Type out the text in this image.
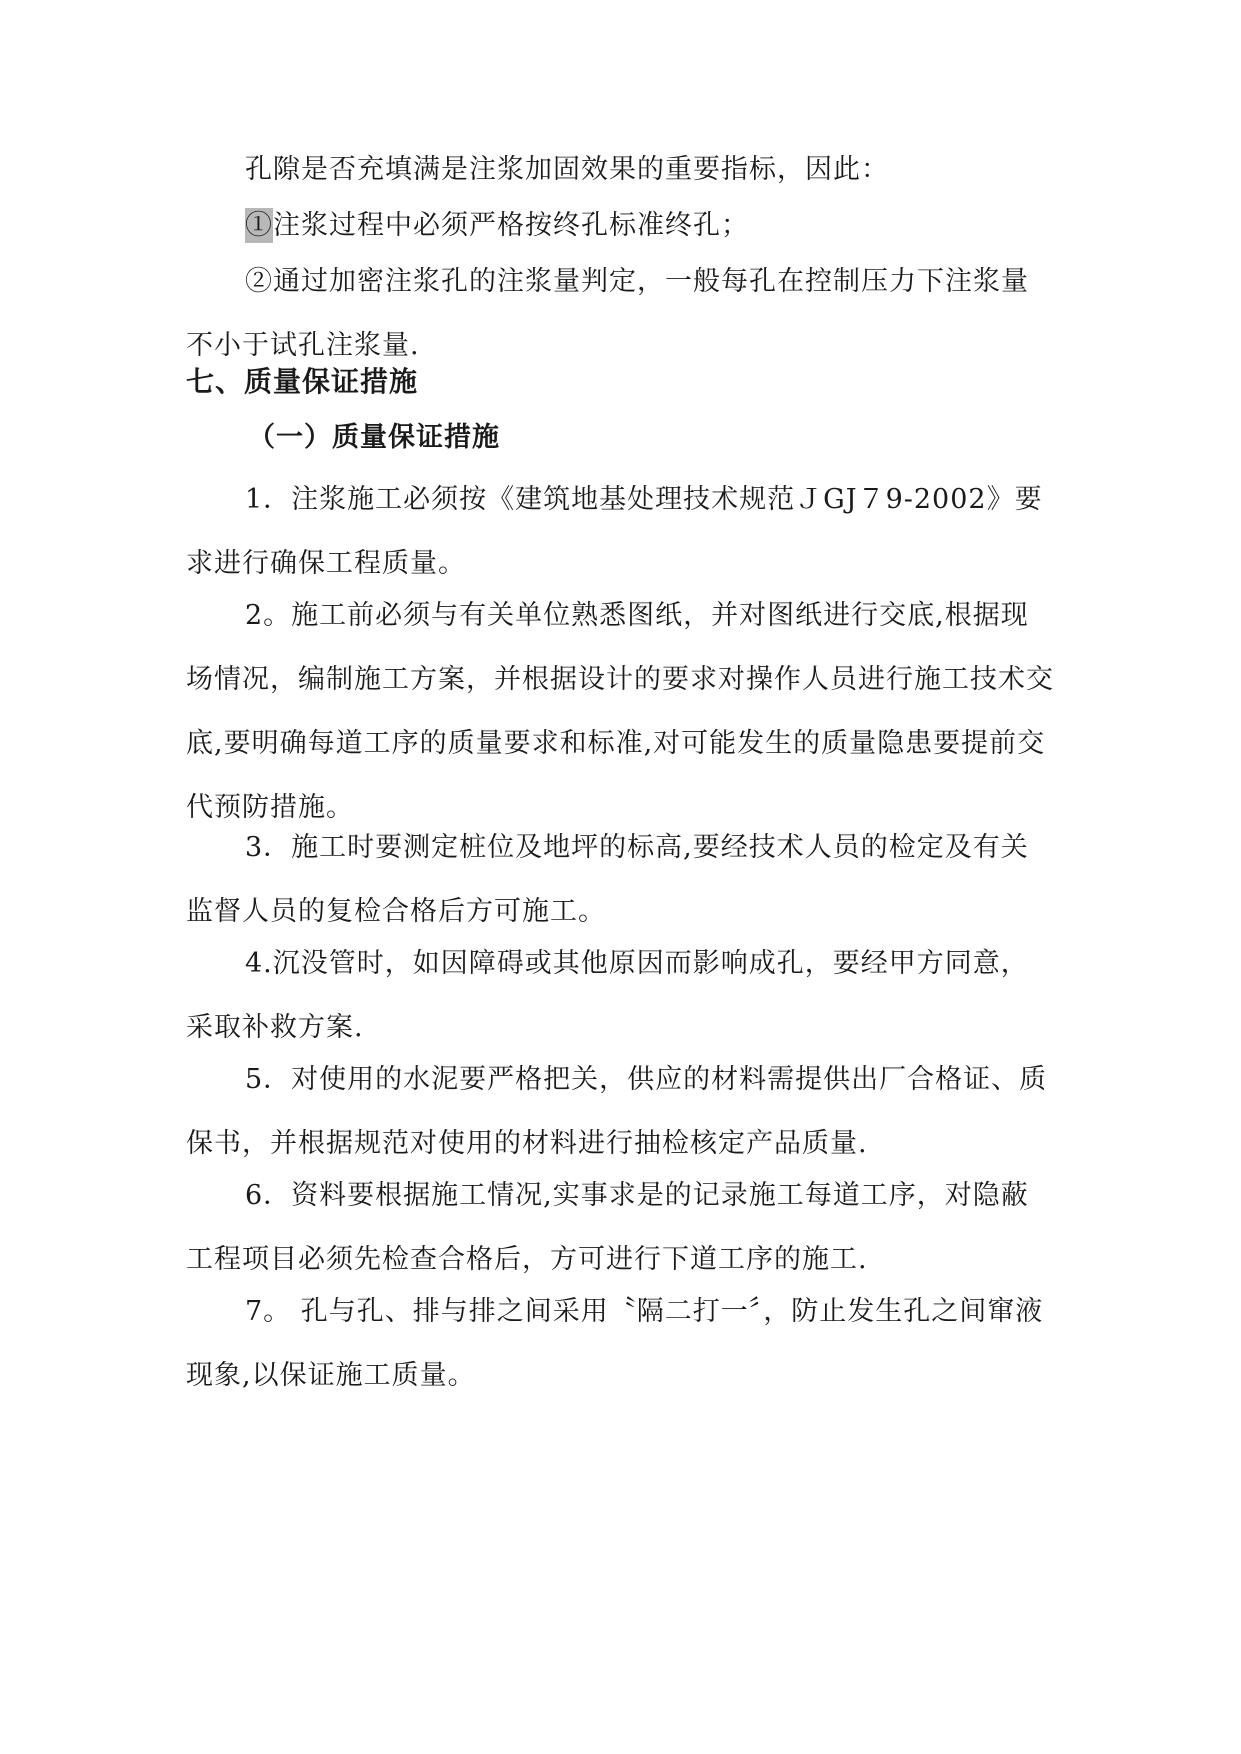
孔隙是否充填满是注浆加固效果的重要指标，因此：

①注浆过程中必须严格按终孔标准终孔；

②通过加密注浆孔的注浆量判定，一般每孔在控制压力下注浆量不小于试孔注浆量.

七、质量保证措施
（一）质量保证措施

1．注浆施工必须按《建筑地基处理技术规范ＪGJ７9-2002》要求进行确保工程质量。

2。施工前必须与有关单位熟悉图纸，并对图纸进行交底,根据现场情况，编制施工方案，并根据设计的要求对操作人员进行施工技术交底,要明确每道工序的质量要求和标准,对可能发生的质量隐患要提前交代预防措施。

3．施工时要测定桩位及地坪的标高,要经技术人员的检定及有关监督人员的复检合格后方可施工。

4.沉没管时，如因障碍或其他原因而影响成孔，要经甲方同意，采取补救方案.

5．对使用的水泥要严格把关，供应的材料需提供出厂合格证、质保书，并根据规范对使用的材料进行抽检核定产品质量.

6．资料要根据施工情况,实事求是的记录施工每道工序，对隐蔽工程项目必须先检查合格后，方可进行下道工序的施工.

7。 孔与孔、排与排之间采用〝隔二打一〞，防止发生孔之间窜液现象,以保证施工质量。
